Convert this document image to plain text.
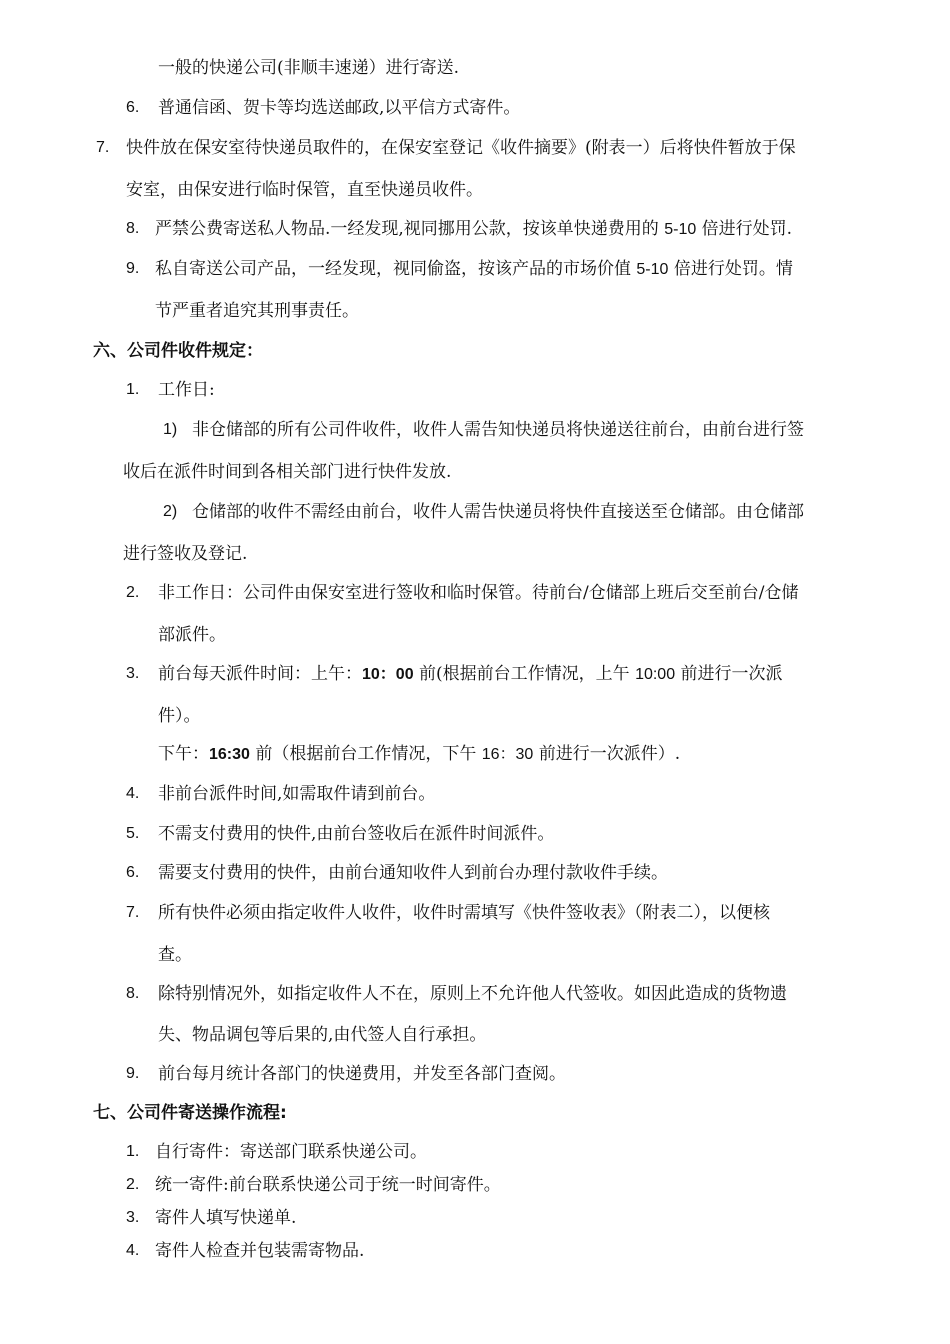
一般的快递公司(非顺丰速递）进行寄送.
6. 普通信函、贺卡等均选送邮政,以平信方式寄件。
7. 快件放在保安室待快递员取件的，在保安室登记《收件摘要》(附表一）后将快件暂放于保
安室，由保安进行临时保管，直至快递员收件。
8. 严禁公费寄送私人物品.一经发现,视同挪用公款，按该单快递费用的 5-10 倍进行处罚.
9. 私自寄送公司产品，一经发现，视同偷盗，按该产品的市场价值 5-10 倍进行处罚。情
节严重者追究其刑事责任。
六、公司件收件规定：
1. 工作日:
1) 非仓储部的所有公司件收件，收件人需告知快递员将快递送往前台，由前台进行签
收后在派件时间到各相关部门进行快件发放.
2) 仓储部的收件不需经由前台，收件人需告快递员将快件直接送至仓储部。由仓储部
进行签收及登记.
2. 非工作日：公司件由保安室进行签收和临时保管。待前台/仓储部上班后交至前台/仓储
部派件。
3. 前台每天派件时间：上午：10：00 前(根据前台工作情况，上午 10:00 前进行一次派
件）。
下午：16:30 前（根据前台工作情况，下午 16：30 前进行一次派件）.
4. 非前台派件时间,如需取件请到前台。
5. 不需支付费用的快件,由前台签收后在派件时间派件。
6. 需要支付费用的快件，由前台通知收件人到前台办理付款收件手续。
7. 所有快件必须由指定收件人收件，收件时需填写《快件签收表》（附表二），以便核
查。
8. 除特别情况外，如指定收件人不在，原则上不允许他人代签收。如因此造成的货物遗
失、物品调包等后果的,由代签人自行承担。
9. 前台每月统计各部门的快递费用，并发至各部门查阅。
七、公司件寄送操作流程:
1. 自行寄件：寄送部门联系快递公司。
2. 统一寄件:前台联系快递公司于统一时间寄件。
3. 寄件人填写快递单.
4. 寄件人检查并包装需寄物品.
